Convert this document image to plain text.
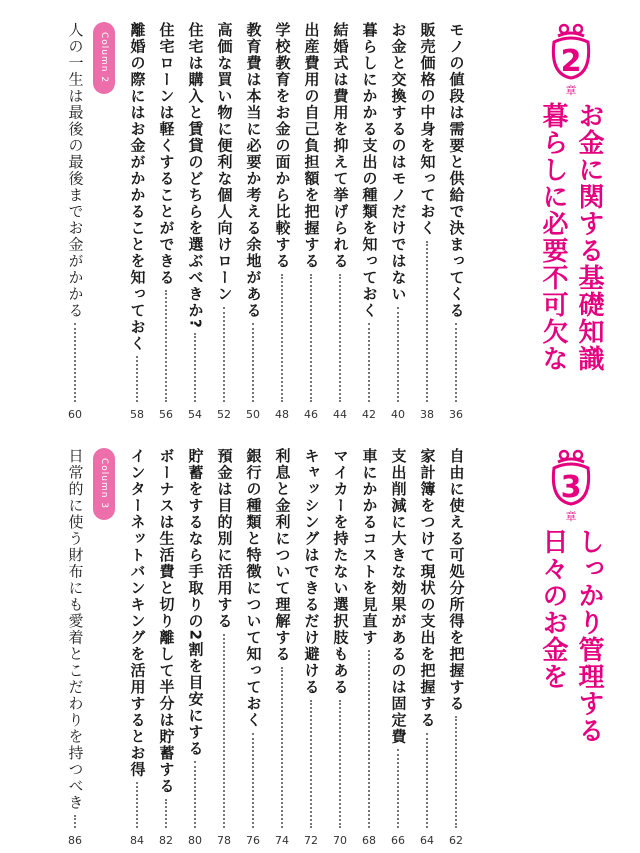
2
章
暮らしに必要不可欠な お金に関する基礎知識
モノの値段は需要と供給で決まってくる
36
販売価格の中身を知っておく
38
お金と交換するのはモノだけではない
40
暮らしにかかる支出の種類を知っておく
42
結婚式は費用を抑えて挙げられる
44
出産費用の自己負担額を把握する
46
学校教育をお金の面から比較する
48
教育費は本当に必要か考える余地がある
50
高価な買い物に便利な個人向けローン
52
住宅は購入と賃貸のどちらを選ぶべきか?
54
住宅ローンは軽くすることができる
56
離婚の際にはお金がかかることを知っておく
58
Column 2
人の一生は最後の最後までお金がかかる
60
3
章
日々のお金を しっかり管理する
自由に使える可処分所得を把握する
62
家計簿をつけて現状の支出を把握する
64
支出削減に大きな効果があるのは固定費
66
車にかかるコストを見直す
68
マイカーを持たない選択肢もある
70
キャッシングはできるだけ避ける
72
利息と金利について理解する
74
銀行の種類と特徴について知っておく
76
預金は目的別に活用する
78
貯蓄をするなら手取りの2割を目安にする
80
ボーナスは生活費と切り離して半分は貯蓄する
82
インターネットバンキングを活用するとお得
84
Column 3
日常的に使う財布にも愛着とこだわりを持つべき
86
